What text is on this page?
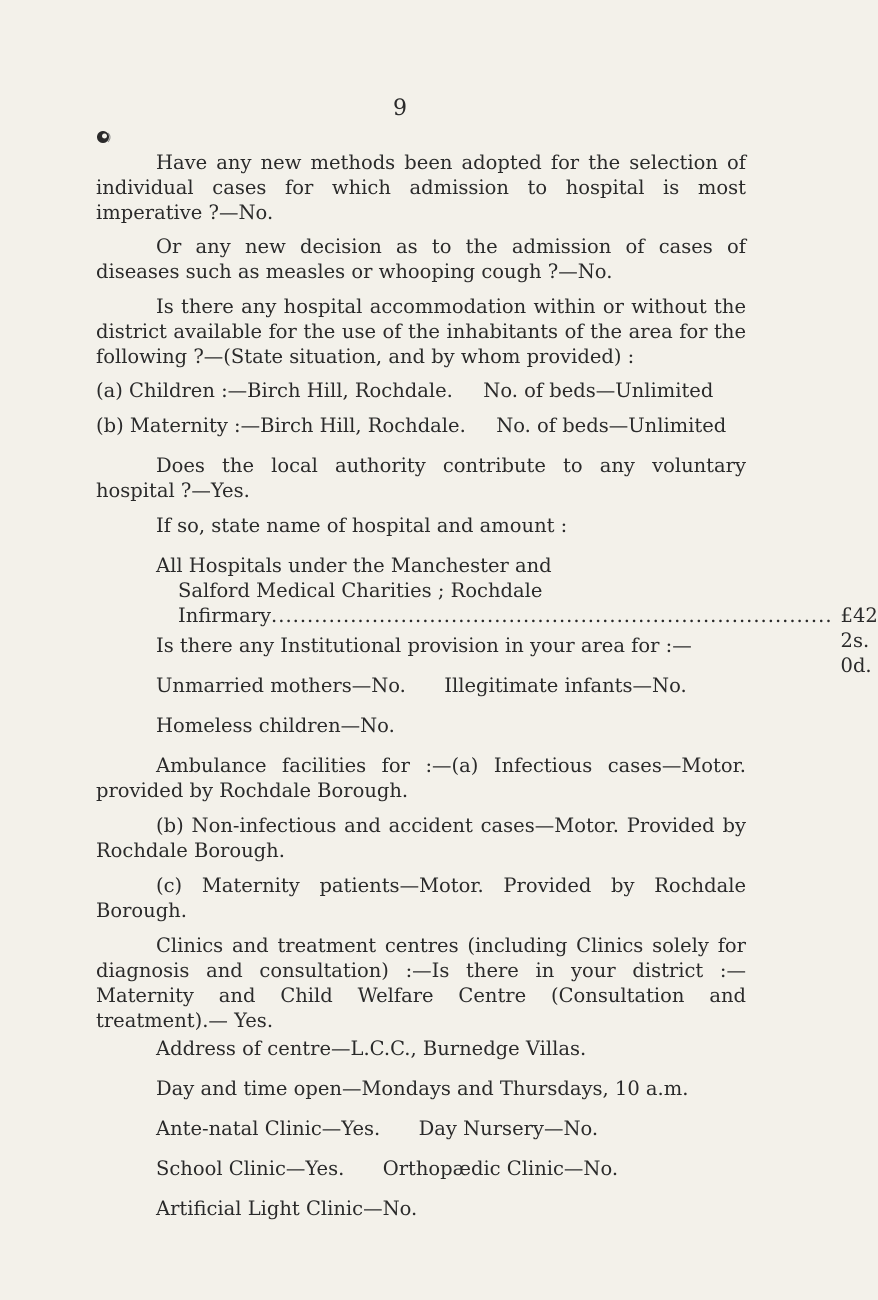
9
Have any new methods been adopted for the selection of individual cases for which admission to hospital is most imperative ?—No.
Or any new decision as to the admission of cases of diseases such as measles or whooping cough ?—No.
Is there any hospital accommodation within or without the district available for the use of the inhabitants of the area for the following ?—(State situation, and by whom provided) :
(a) Children :—Birch Hill, Rochdale. No. of beds—Unlimited
(b) Maternity :—Birch Hill, Rochdale. No. of beds—Unlimited
Does the local authority contribute to any voluntary hospital ?—Yes.
If so, state name of hospital and amount :
All Hospitals under the Manchester and
Salford Medical Charities ; Rochdale
Infirmary .............................................................................. £42 2s. 0d.
Is there any Institutional provision in your area for :—
Unmarried mothers—No. Illegitimate infants—No.
Homeless children—No.
Ambulance facilities for :—(a) Infectious cases—Motor. provided by Rochdale Borough.
(b) Non-infectious and accident cases—Motor. Provided by Rochdale Borough.
(c) Maternity patients—Motor. Provided by Rochdale Borough.
Clinics and treatment centres (including Clinics solely for diagnosis and consultation) :—Is there in your district :—Maternity and Child Welfare Centre (Consultation and treatment).— Yes.
Address of centre—L.C.C., Burnedge Villas.
Day and time open—Mondays and Thursdays, 10 a.m.
Ante-natal Clinic—Yes. Day Nursery—No.
School Clinic—Yes. Orthopædic Clinic—No.
Artificial Light Clinic—No.
